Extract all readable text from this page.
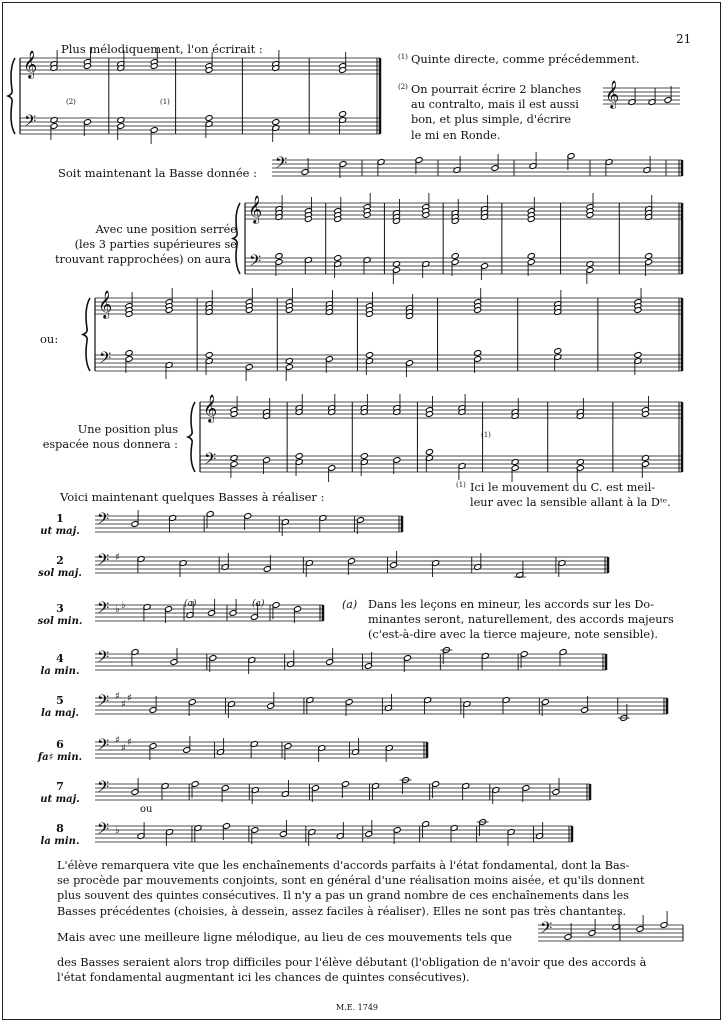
21
Plus mélodiquement, l'on écrirait :
(1) Quinte directe, comme précédemment.
(2) On pourrait écrire 2 blanches
au contralto, mais il est aussi
bon, et plus simple, d'écrire
le mi en Ronde.
Soit maintenant la Basse donnée :
Avec une position serrée
(les 3 parties supérieures se
trouvant rapprochées) on aura :
ou:
Une position plus
espacée nous donnera :
(1) Ici le mouvement du C. est meil-
leur avec la sensible allant à la Dᵗᵉ.
Voici maintenant quelques Basses à réaliser :
1
ut maj.
2
sol maj.
3
sol min.
4
la min.
5
la maj.
6
fa♯ min.
7
ut maj.
8
la min.
ou
(a)	(a)
(2)	(1)
(1)
(a) Dans les leçons en mineur, les accords sur les Do-
minantes seront, naturellement, des accords majeurs
(c'est-à-dire avec la tierce majeure, note sensible).
L'élève remarquera vite que les enchaînements d'accords parfaits à l'état fondamental, dont la Bas-
se procède par mouvements conjoints, sont en général d'une réalisation moins aisée, et qu'ils donnent
plus souvent des quintes consécutives. Il n'y a pas un grand nombre de ces enchaînements dans les
Basses précédentes (choisies, à dessein, assez faciles à réaliser). Elles ne sont pas très chantantes.
Mais avec une meilleure ligne mélodique, au lieu de ces mouvements tels que
des Basses seraient alors trop difficiles pour l'élève débutant (l'obligation de n'avoir que des accords à
l'état fondamental augmentant ici les chances de quintes consécutives).
M.E. 1749
𝄞
𝄢
𝄞
𝄢
𝄞
𝄢
𝄞
𝄢
𝄞
𝄢
𝄢
𝄢 ♯
𝄢 ♭ ♭
𝄢
𝄢 ♯
♯
♯
𝄢 ♯
♯
♯
𝄢
𝄢 ♭
𝄢
